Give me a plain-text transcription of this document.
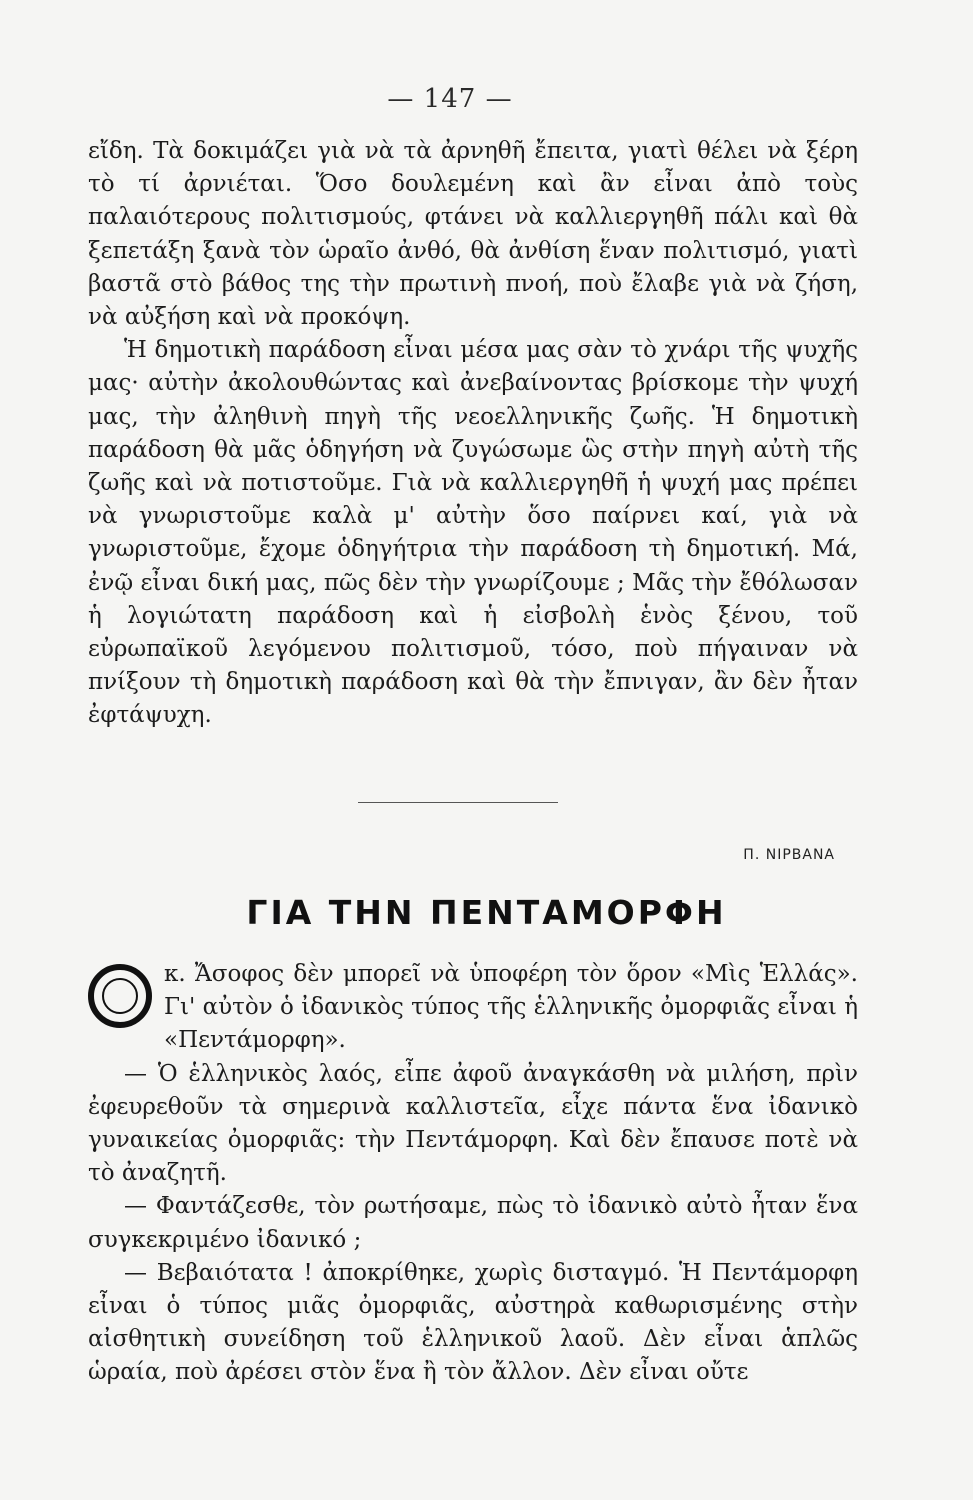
— 147 —

εἴδη. Τὰ δοκιμάζει γιὰ νὰ τὰ ἀρνηθῆ ἔπειτα, γιατὶ θέλει νὰ ξέρη τὸ τί ἀρνιέται. Ὅσο δουλεμένη καὶ ἂν εἶναι ἀπὸ τοὺς παλαιότερους πολιτισμούς, φτάνει νὰ καλλιεργηθῆ πάλι καὶ θὰ ξεπετάξη ξανὰ τὸν ὡραῖο ἀνθό, θὰ ἀνθίση ἕναν πολιτισμό, γιατὶ βαστᾶ στὸ βάθος της τὴν πρωτινὴ πνοή, ποὺ ἔλαβε γιὰ νὰ ζήση, νὰ αὐξήση καὶ νὰ προκόψη.

Ἡ δημοτικὴ παράδοση εἶναι μέσα μας σὰν τὸ χνάρι τῆς ψυχῆς μας· αὐτὴν ἀκολουθώντας καὶ ἀνεβαίνοντας βρίσκομε τὴν ψυχή μας, τὴν ἀληθινὴ πηγὴ τῆς νεοελληνικῆς ζωῆς. Ἡ δημοτικὴ παράδοση θὰ μᾶς ὁδηγήση νὰ ζυγώσωμε ὣς στὴν πηγὴ αὐτὴ τῆς ζωῆς καὶ νὰ ποτιστοῦμε. Γιὰ νὰ καλλιεργηθῆ ἡ ψυχή μας πρέπει νὰ γνωριστοῦμε καλὰ μ' αὐτὴν ὅσο παίρνει καί, γιὰ νὰ γνωριστοῦμε, ἔχομε ὁδηγήτρια τὴν παράδοση τὴ δημοτική. Μά, ἐνῷ εἶναι δική μας, πῶς δὲν τὴν γνωρίζουμε ; Μᾶς τὴν ἔθόλωσαν ἡ λογιώτατη παράδοση καὶ ἡ εἰσβολὴ ἑνὸς ξένου, τοῦ εὐρωπαϊκοῦ λεγόμενου πολιτισμοῦ, τόσο, ποὺ πήγαιναν νὰ πνίξουν τὴ δημοτικὴ παράδοση καὶ θὰ τὴν ἔπνιγαν, ἂν δὲν ἦταν ἐφτάψυχη.

Π. ΝΙΡΒΑΝΑ
ΓΙΑ ΤΗΝ ΠΕΝΤΑΜΟΡΦΗ

κ. Ἄσοφος δὲν μπορεῖ νὰ ὑποφέρη τὸν ὅρον «Μὶς Ἑλλάς». Γι' αὐτὸν ὁ ἰδανικὸς τύπος τῆς ἑλληνικῆς ὀμορφιᾶς εἶναι ἡ «Πεντάμορφη».

— Ὁ ἑλληνικὸς λαός, εἶπε ἀφοῦ ἀναγκάσθη νὰ μιλήση, πρὶν ἐφευρεθοῦν τὰ σημερινὰ καλλιστεῖα, εἶχε πάντα ἕνα ἰδανικὸ γυναικείας ὀμορφιᾶς: τὴν Πεντάμορφη. Καὶ δὲν ἔπαυσε ποτὲ νὰ τὸ ἀναζητῆ.

— Φαντάζεσθε, τὸν ρωτήσαμε, πὼς τὸ ἰδανικὸ αὐτὸ ἦταν ἕνα συγκεκριμένο ἰδανικό ;

— Βεβαιότατα ! ἀποκρίθηκε, χωρὶς δισταγμό. Ἡ Πεντάμορφη εἶναι ὁ τύπος μιᾶς ὀμορφιᾶς, αὐστηρὰ καθωρισμένης στὴν αἰσθητικὴ συνείδηση τοῦ ἑλληνικοῦ λαοῦ. Δὲν εἶναι ἁπλῶς ὡραία, ποὺ ἀρέσει στὸν ἕνα ἢ τὸν ἄλλον. Δὲν εἶναι οὔτε
